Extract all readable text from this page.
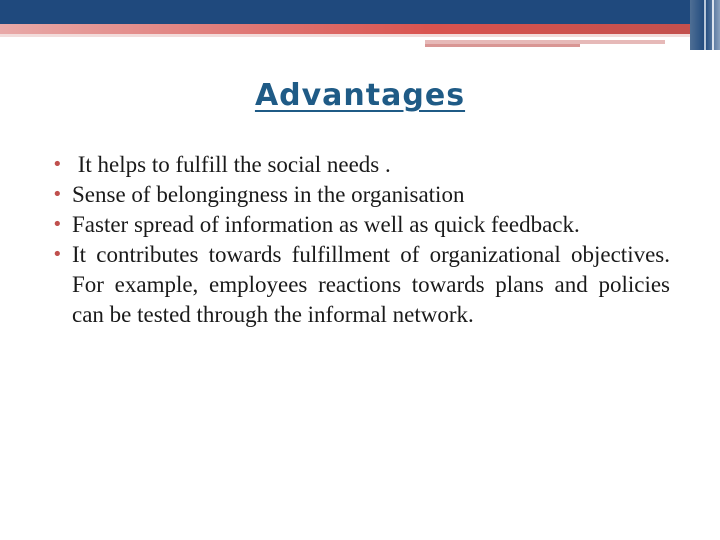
Advantages
• It helps to fulfill the social needs .
• Sense of belongingness in the organisation
• Faster spread of information as well as quick feedback.
• It contributes towards fulfillment of organizational objectives. For example, employees reactions towards plans and policies can be tested through the informal network.
